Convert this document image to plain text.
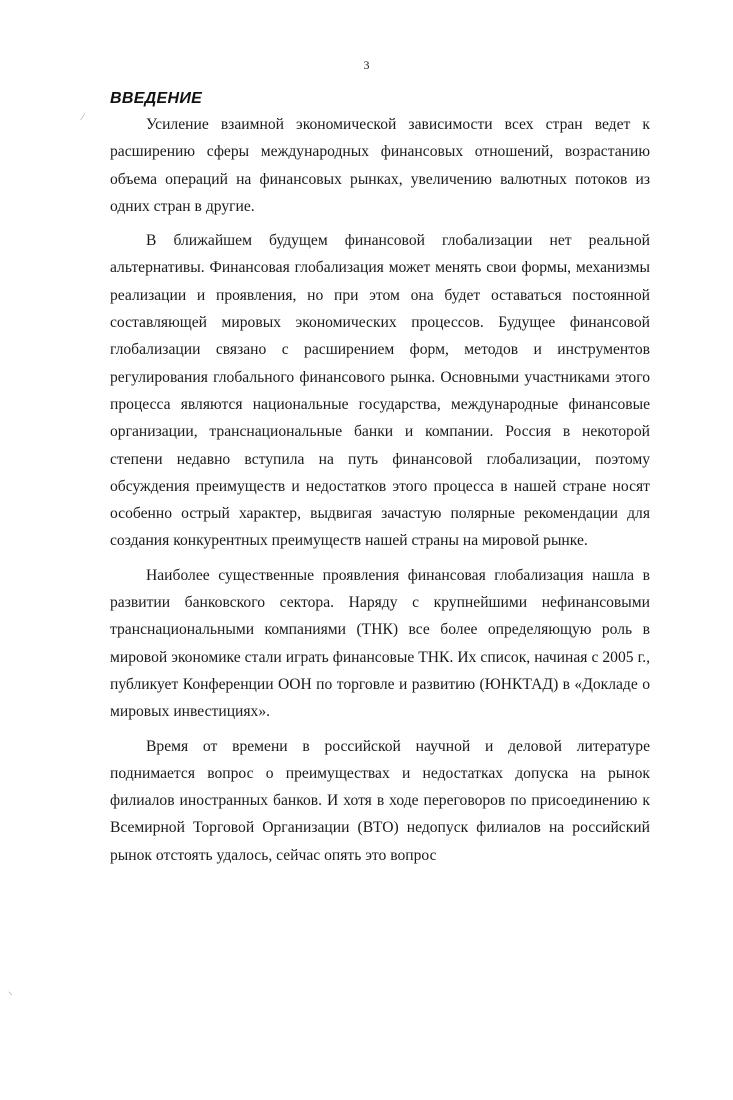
3
ВВЕДЕНИЕ
⁄
⸌

Усиление взаимной экономической зависимости всех стран ведет к расширению сферы международных финансовых отношений, возрастанию объема операций на финансовых рынках, увеличению валютных потоков из одних стран в другие.

В ближайшем будущем финансовой глобализации нет реальной альтернативы. Финансовая глобализация может менять свои формы, механизмы реализации и проявления, но при этом она будет оставаться постоянной составляющей мировых экономических процессов. Будущее финансовой глобализации связано с расширением форм, методов и инструментов регулирования глобального финансового рынка. Основными участниками этого процесса являются национальные государства, международные финансовые организации, транснациональные банки и компании. Россия в некоторой степени недавно вступила на путь финансовой глобализации, поэтому обсуждения преимуществ и недостатков этого процесса в нашей стране носят особенно острый характер, выдвигая зачастую полярные рекомендации для создания конкурентных преимуществ нашей страны на мировой рынке.

Наиболее существенные проявления финансовая глобализация нашла в развитии банковского сектора. Наряду с крупнейшими нефинансовыми транснациональными компаниями (ТНК) все более определяющую роль в мировой экономике стали играть финансовые ТНК. Их список, начиная с 2005 г., публикует Конференции ООН по торговле и развитию (ЮНКТАД) в «Докладе о мировых инвестициях».

Время от времени в российской научной и деловой литературе поднимается вопрос о преимуществах и недостатках допуска на рынок филиалов иностранных банков. И хотя в ходе переговоров по присоединению к Всемирной Торговой Организации (ВТО) недопуск филиалов на российский рынок отстоять удалось, сейчас опять это вопрос
